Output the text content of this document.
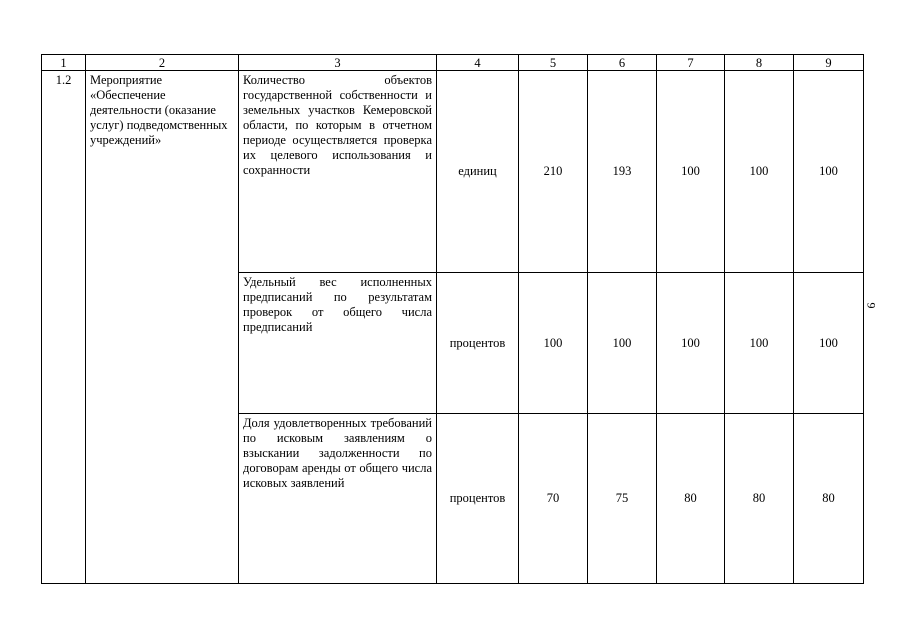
1	2	3	4	5	6	7	8	9
1.2	Мероприятие «Обеспечение деятельности (оказание услуг) подведомственных учреждений»	Количество объектов государственной собственности и земельных участков Кемеровской области, по которым в отчетном периоде осуществляется проверка их целевого использования и сохранности	единиц	210	193	100	100	100
		Удельный вес исполненных предписаний по результатам проверок от общего числа предписаний	процентов	100	100	100	100	100
		Доля удовлетворенных требований по исковым заявлениям о взыскании задолженности по договорам аренды от общего числа исковых заявлений	процентов	70	75	80	80	80
9
